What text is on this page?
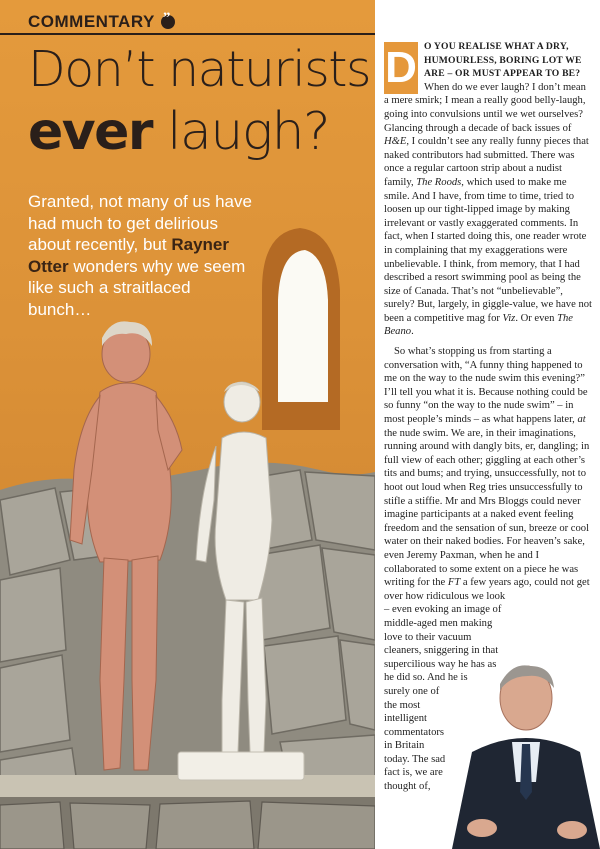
COMMENTARY
”
Don’t naturists
ever laugh?
Granted, not many of us have had much to get delirious about recently, but Rayner Otter wonders why we seem like such a straitlaced bunch…

D O YOU REALISE WHAT A DRY, HUMOURLESS, BORING LOT WE ARE – OR MUST APPEAR TO BE? When do we ever laugh? I don’t mean a mere smirk; I mean a really good belly-laugh, going into convulsions until we wet ourselves? Glancing through a decade of back issues of H&E, I couldn’t see any really funny pieces that naked contributors had submitted. There was once a regular cartoon strip about a nudist family, The Roods, which used to make me smile. And I have, from time to time, tried to loosen up our tight-lipped image by making irrelevant or vastly exaggerated comments. In fact, when I started doing this, one reader wrote in complaining that my exaggerations were unbelievable. I think, from memory, that I had described a resort swimming pool as being the size of Canada. That’s not “unbelievable”, surely? But, largely, in giggle-value, we have not been a competitive mag for Viz. Or even The Beano.

So what’s stopping us from starting a conversation with, “A funny thing happened to me on the way to the nude swim this evening?” I’ll tell you what it is. Because nothing could be so funny “on the way to the nude swim” – in most people’s minds – as what happens later, at the nude swim. We are, in their imaginations, running around with dangly bits, er, dangling; in full view of each other; giggling at each other’s tits and bums; and trying, unsuccessfully, not to hoot out loud when Reg tries unsuccessfully to stifle a stiffie. Mr and Mrs Bloggs could never imagine participants at a naked event feeling freedom and the sensation of sun, breeze or cool water on their naked bodies. For heaven’s sake, even Jeremy Paxman, when he and I collaborated to some extent on a piece he was writing for the FT a few years ago, could not get over how ridiculous we look

– even evoking an image of middle-aged men making love to their vacuum cleaners, sniggering in that supercilious way he has as he did so. And he is

surely one of the most intelligent commentators in Britain today. The sad fact is, we are thought of,
